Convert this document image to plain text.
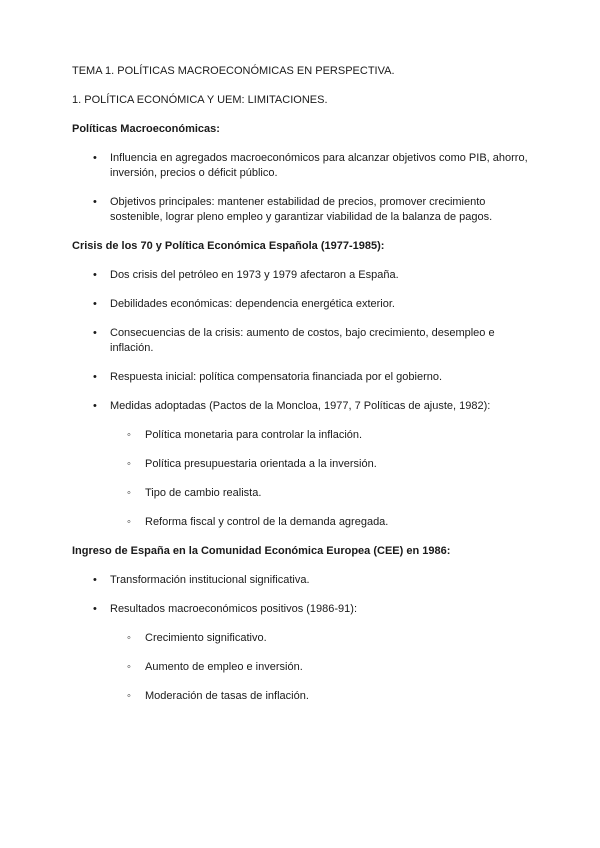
TEMA 1. POLÍTICAS MACROECONÓMICAS EN PERSPECTIVA.
1. POLÍTICA ECONÓMICA Y UEM: LIMITACIONES.
Políticas Macroeconómicas:
•	Influencia en agregados macroeconómicos para alcanzar objetivos como PIB, ahorro, inversión, precios o déficit público.
•	Objetivos principales: mantener estabilidad de precios, promover crecimiento sostenible, lograr pleno empleo y garantizar viabilidad de la balanza de pagos.
Crisis de los 70 y Política Económica Española (1977-1985):
•	Dos crisis del petróleo en 1973 y 1979 afectaron a España.
•	Debilidades económicas: dependencia energética exterior.
•	Consecuencias de la crisis: aumento de costos, bajo crecimiento, desempleo e inflación.
•	Respuesta inicial: política compensatoria financiada por el gobierno.
•	Medidas adoptadas (Pactos de la Moncloa, 1977, 7 Políticas de ajuste, 1982):
◦	Política monetaria para controlar la inflación.
◦	Política presupuestaria orientada a la inversión.
◦	Tipo de cambio realista.
◦	Reforma fiscal y control de la demanda agregada.
Ingreso de España en la Comunidad Económica Europea (CEE) en 1986:
•	Transformación institucional significativa.
•	Resultados macroeconómicos positivos (1986-91):
◦	Crecimiento significativo.
◦	Aumento de empleo e inversión.
◦	Moderación de tasas de inflación.
